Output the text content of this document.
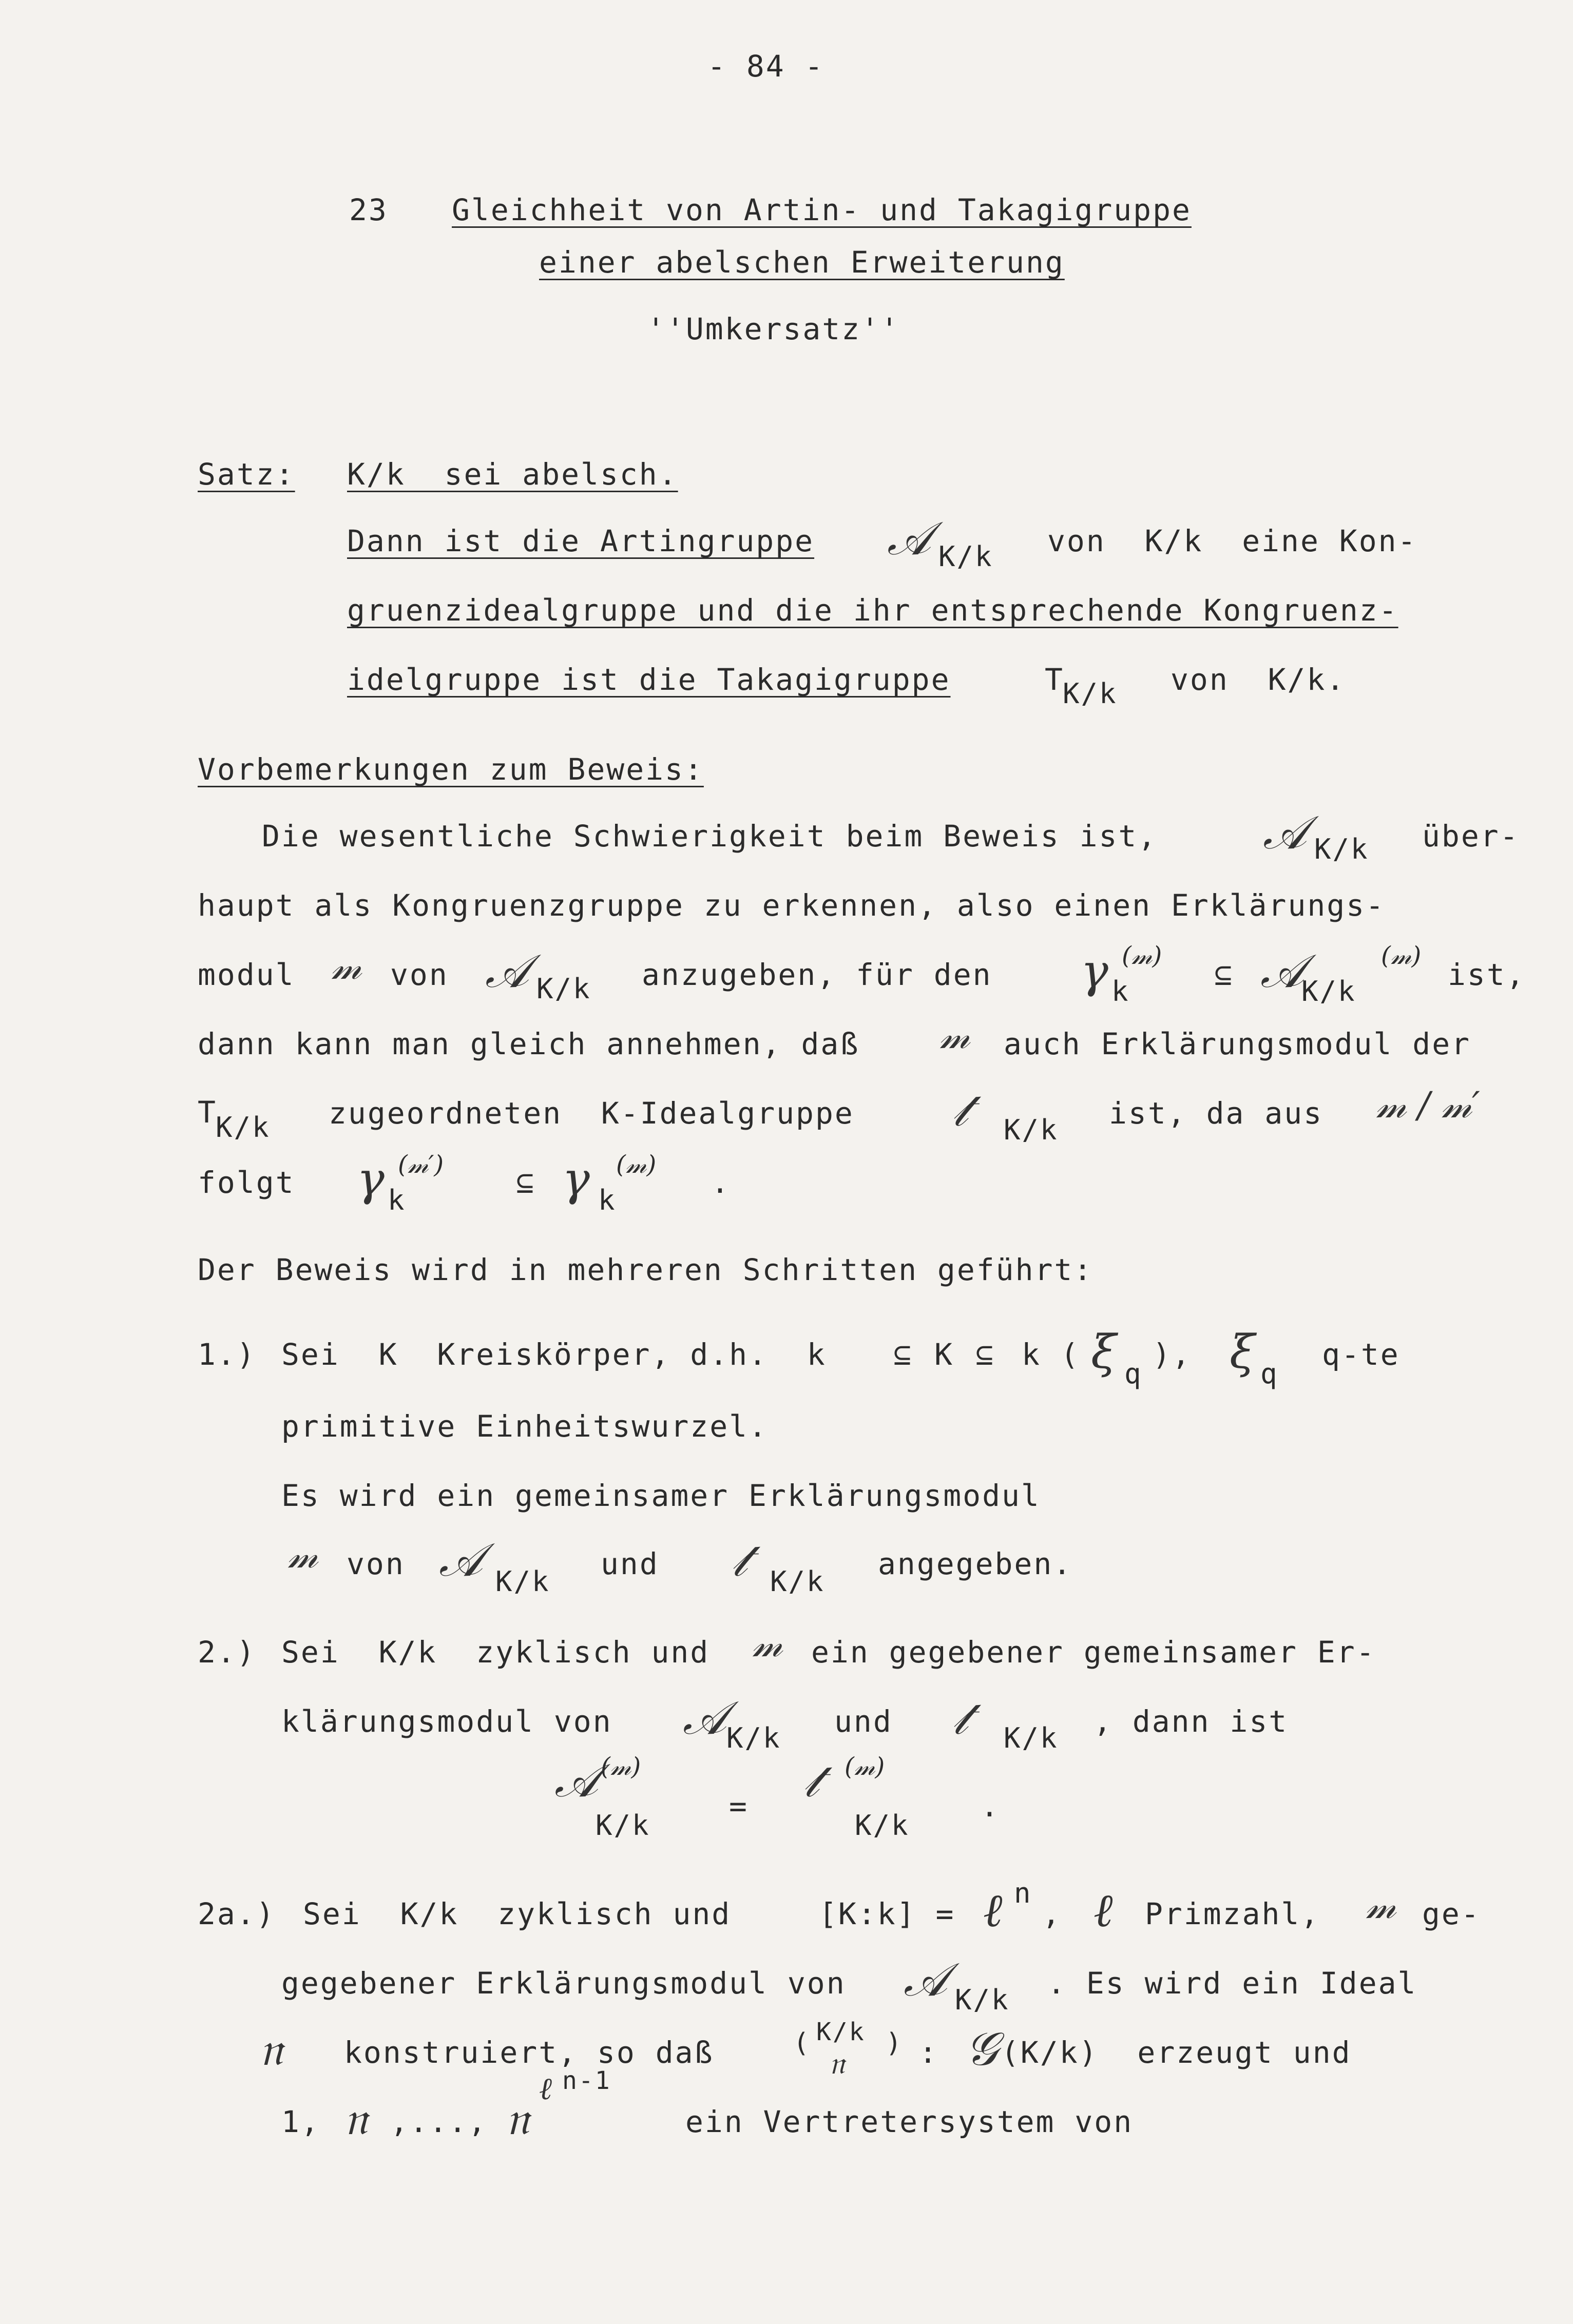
- 84 -
23 Gleichheit von Artin- und Takagigruppe
einer abelschen Erweiterung
''Umkersatz''
Satz: K/k  sei abelsch.
Dann ist die Artingruppe 𝒜 K/k von  K/k  eine Kon-
gruenzidealgruppe und die ihr entsprechende Kongruenz-
idelgruppe ist die Takagigruppe	T
K/k von  K/k.
Vorbemerkungen zum Beweis:
Die wesentliche Schwierigkeit beim Beweis ist, 𝒜 K/k über-
haupt als Kongruenzgruppe zu erkennen, also einen Erklärungs-
modul 𝓂 von 𝒜 K/k anzugeben, für den 𝛾 k
(𝓂)
⊆ 𝒜
K/k
(𝓂)
ist,
dann kann man gleich annehmen, daß 𝓂 auch Erklärungsmodul der
T
K/k zugeordneten  K-Idealgruppe 𝓉 K/k ist, da aus 𝓂 / 𝓂′
folgt 𝛾 k
(𝓂′)
⊆ 𝛾 k
(𝓂)
.
Der Beweis wird in mehreren Schritten geführt:
1.) Sei  K  Kreiskörper, d.h.  k ⊆ K ⊆ k ( ξ q
), ξ q
q-te
primitive Einheitswurzel.
Es wird ein gemeinsamer Erklärungsmodul
𝓂 von 𝒜 K/k
und 𝓉 K/k
angegeben.
2.) Sei  K/k  zyklisch und 𝓂 ein gegebener gemeinsamer Er-
klärungsmodul von 𝒜 K/k und 𝓉 K/k , dann ist
𝒜 (𝓂)
K/k
= 𝓉 (𝓂)
K/k
.
2a.) Sei  K/k  zyklisch und	[K:k] = ℓ n
, ℓ Primzahl, 𝓂 ge-
gegebener Erklärungsmodul von 𝒜 K/k . Es wird ein Ideal
𝔫 konstruiert, so daß	( K/k
𝔫
) : 𝒢 (K/k)  erzeugt und
1, 𝔫 ,..., 𝔫
ℓ n-1
ein Vertretersystem von
